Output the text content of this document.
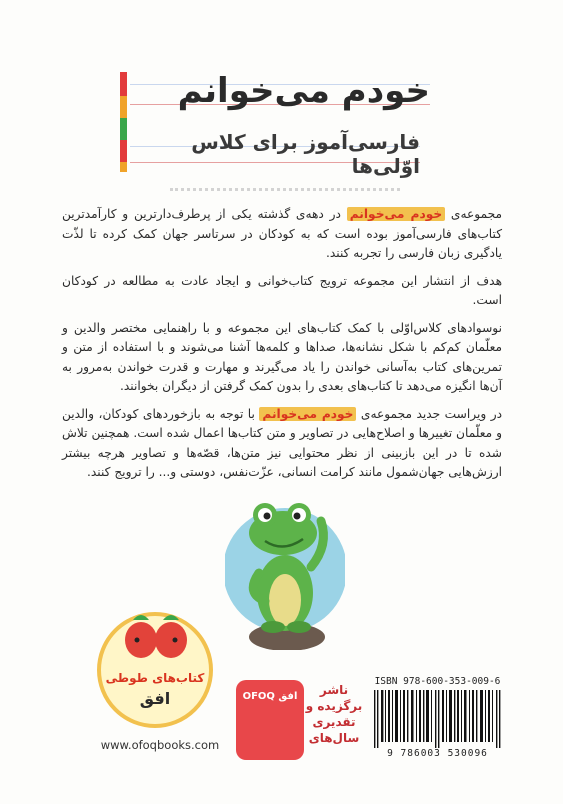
خودم می‌خوانم
فارسی‌آموز برای کلاس اوّلی‌ها

مجموعه‌ی خودم می‌خوانم در دهه‌ی گذشته یکی از پرطرف‌دارترین و کارآمدترین کتاب‌های فارسی‌آموز بوده است که به کودکان در سرتاسر جهان کمک کرده تا لذّت یادگیری زبان فارسی را تجربه کنند.

هدف از انتشار این مجموعه ترویج کتاب‌خوانی و ایجاد عادت به مطالعه در کودکان است.

نوسوادهای کلاس‌اوّلی با کمک کتاب‌های این مجموعه و با راهنمایی مختصر والدین و معلّمان کم‌کم با شکل نشانه‌ها، صداها و کلمه‌ها آشنا می‌شوند و با استفاده از متن و تمرین‌های کتاب به‌آسانی خواندن را یاد می‌گیرند و مهارت و قدرت خواندن به‌مرور به آن‌ها انگیزه می‌دهد تا کتاب‌های بعدی را بدون کمک گرفتن از دیگران بخوانند.

در ویراست جدید مجموعه‌ی خودم می‌خوانم با توجه به بازخوردهای کودکان، والدین و معلّمان تغییرها و اصلاح‌هایی در تصاویر و متن کتاب‌ها اعمال شده است. همچنین تلاش شده تا در این بازبینی از نظر محتوایی نیز متن‌ها، قصّه‌ها و تصاویر هرچه بیشتر ارزش‌هایی جهان‌شمول مانند کرامت انسانی، عزّت‌نفس، دوستی و... را ترویج کنند.

کتاب‌های طوطی
افق
www.ofoqbooks.com
افق OFOQ	ناشر برگزیده و تقدیری سال‌های
ISBN 978-600-353-009-6
9 786003 530096
